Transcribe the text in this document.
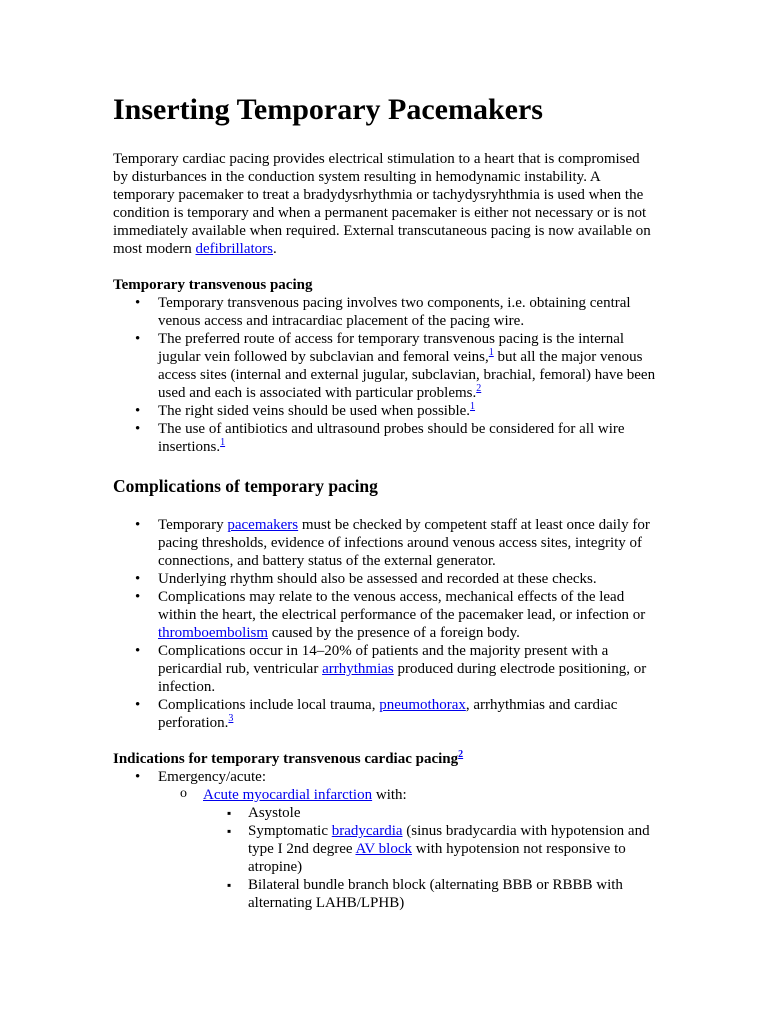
Inserting Temporary Pacemakers

Temporary cardiac pacing provides electrical stimulation to a heart that is compromised by disturbances in the conduction system resulting in hemodynamic instability. A temporary pacemaker to treat a bradydysrhythmia or tachydysryhthmia is used when the condition is temporary and when a permanent pacemaker is either not necessary or is not immediately available when required. External transcutaneous pacing is now available on most modern defibrillators.

Temporary transvenous pacing
• Temporary transvenous pacing involves two components, i.e. obtaining central venous access and intracardiac placement of the pacing wire.
• The preferred route of access for temporary transvenous pacing is the internal jugular vein followed by subclavian and femoral veins,$^1$ but all the major venous access sites (internal and external jugular, subclavian, brachial, femoral) have been used and each is associated with particular problems.$^2$
• The right sided veins should be used when possible.$^1$
• The use of antibiotics and ultrasound probes should be considered for all wire insertions.$^1$
Complications of temporary pacing
• Temporary pacemakers must be checked by competent staff at least once daily for pacing thresholds, evidence of infections around venous access sites, integrity of connections, and battery status of the external generator.
• Underlying rhythm should also be assessed and recorded at these checks.
• Complications may relate to the venous access, mechanical effects of the lead within the heart, the electrical performance of the pacemaker lead, or infection or thromboembolism caused by the presence of a foreign body.
• Complications occur in 14–20% of patients and the majority present with a pericardial rub, ventricular arrhythmias produced during electrode positioning, or infection.
• Complications include local trauma, pneumothorax, arrhythmias and cardiac perforation.$^3$
Indications for temporary transvenous cardiac pacing$^2$
• Emergency/acute:
o Acute myocardial infarction with:
▪ Asystole
▪ Symptomatic bradycardia (sinus bradycardia with hypotension and type I 2nd degree AV block with hypotension not responsive to atropine)
▪ Bilateral bundle branch block (alternating BBB or RBBB with alternating LAHB/LPHB)
